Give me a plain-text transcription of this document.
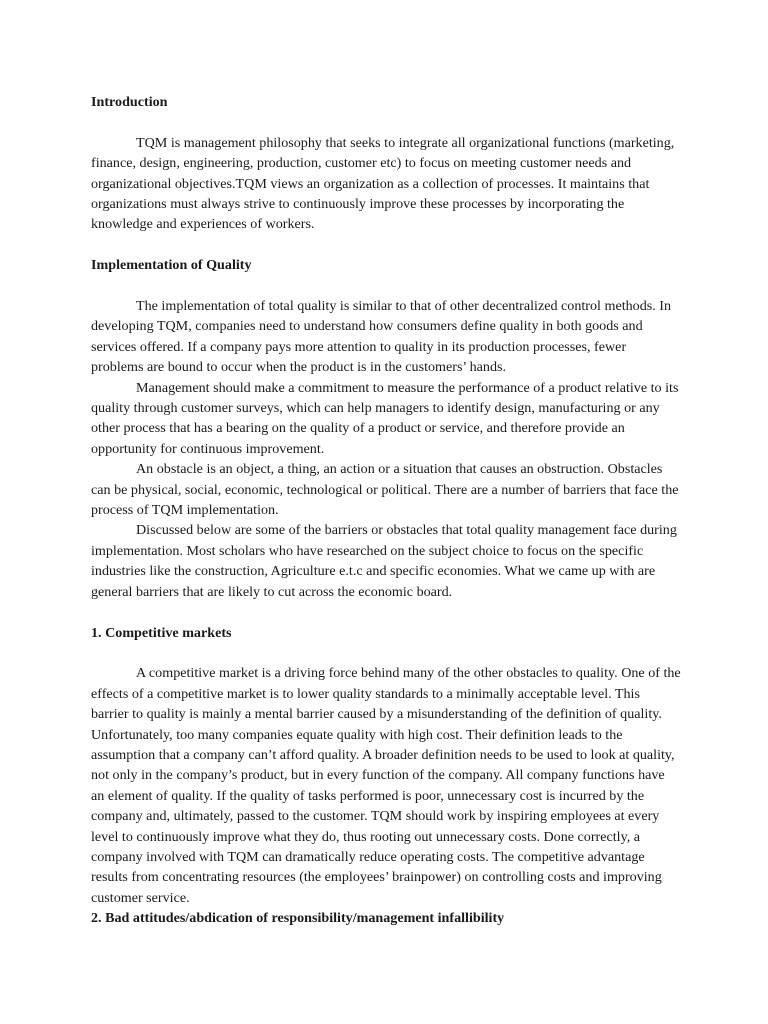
Introduction

TQM is management philosophy that seeks to integrate all organizational functions (marketing, finance, design, engineering, production, customer etc) to focus on meeting customer needs and organizational objectives.TQM views an organization as a collection of processes. It maintains that organizations must always strive to continuously improve these processes by incorporating the knowledge and experiences of workers.

Implementation of Quality

The implementation of total quality is similar to that of other decentralized control methods. In developing TQM, companies need to understand how consumers define quality in both goods and services offered. If a company pays more attention to quality in its production processes, fewer problems are bound to occur when the product is in the customers’ hands.

Management should make a commitment to measure the performance of a product relative to its quality through customer surveys, which can help managers to identify design, manufacturing or any other process that has a bearing on the quality of a product or service, and therefore provide an opportunity for continuous improvement.

An obstacle is an object, a thing, an action or a situation that causes an obstruction. Obstacles can be physical, social, economic, technological or political. There are a number of barriers that face the process of TQM implementation.

Discussed below are some of the barriers or obstacles that total quality management face during implementation. Most scholars who have researched on the subject choice to focus on the specific industries like the construction, Agriculture e.t.c and specific economies. What we came up with are general barriers that are likely to cut across the economic board.

1. Competitive markets

A competitive market is a driving force behind many of the other obstacles to quality. One of the effects of a competitive market is to lower quality standards to a minimally acceptable level. This barrier to quality is mainly a mental barrier caused by a misunderstanding of the definition of quality. Unfortunately, too many companies equate quality with high cost. Their definition leads to the assumption that a company can’t afford quality. A broader definition needs to be used to look at quality, not only in the company’s product, but in every function of the company. All company functions have an element of quality. If the quality of tasks performed is poor, unnecessary cost is incurred by the company and, ultimately, passed to the customer. TQM should work by inspiring employees at every level to continuously improve what they do, thus rooting out unnecessary costs. Done correctly, a company involved with TQM can dramatically reduce operating costs. The competitive advantage results from concentrating resources (the employees’ brainpower) on controlling costs and improving customer service.

2. Bad attitudes/abdication of responsibility/management infallibility
